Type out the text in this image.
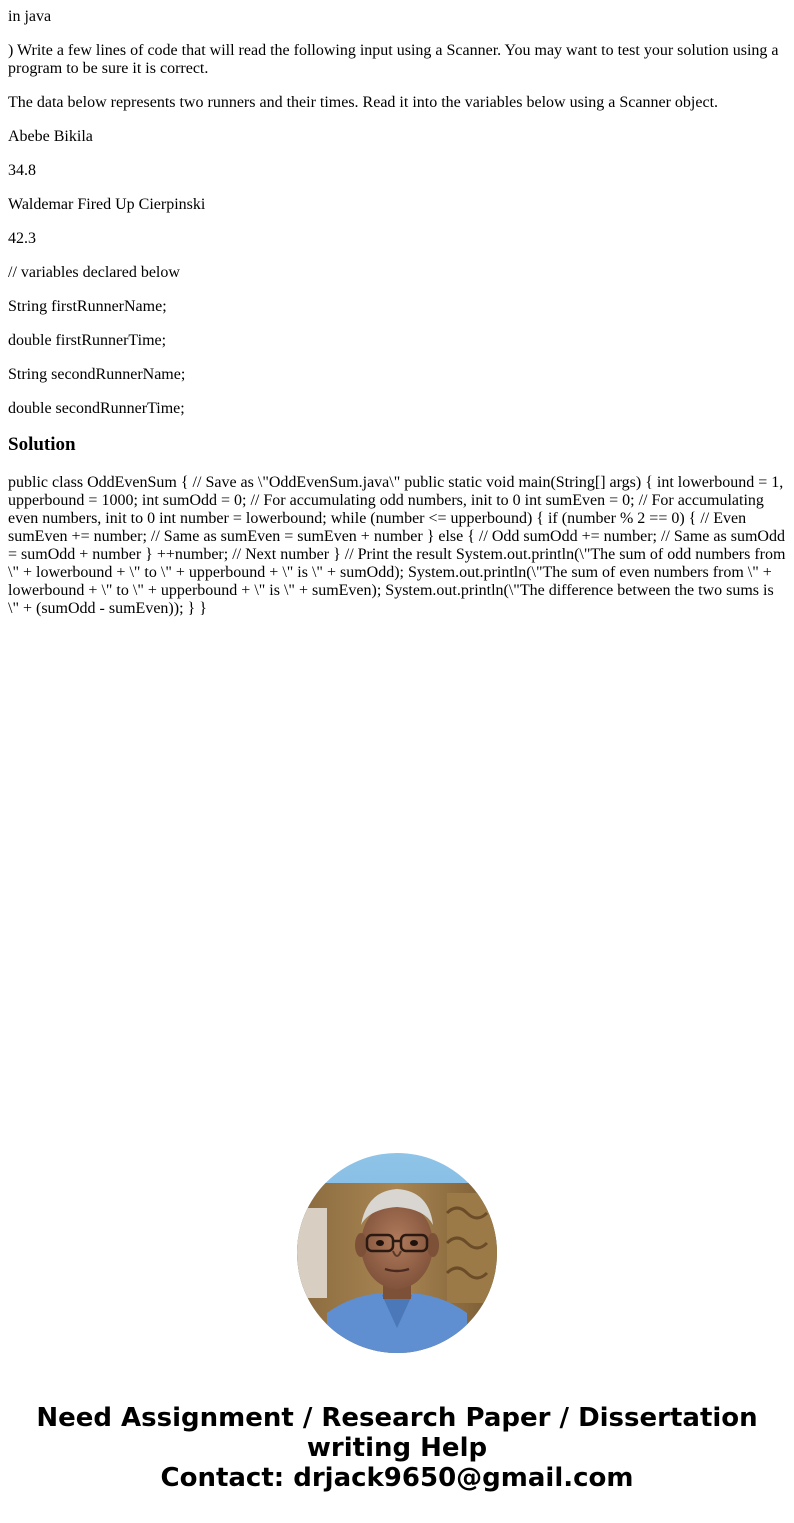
in java

) Write a few lines of code that will read the following input using a Scanner. You may want to test your solution using a program to be sure it is correct.

The data below represents two runners and their times. Read it into the variables below using a Scanner object.

Abebe Bikila

34.8

Waldemar Fired Up Cierpinski

42.3

// variables declared below

String firstRunnerName;

double firstRunnerTime;

String secondRunnerName;

double secondRunnerTime;

Solution

public class OddEvenSum { // Save as \"OddEvenSum.java\" public static void main(String[] args) { int lowerbound = 1, upperbound = 1000; int sumOdd = 0; // For accumulating odd numbers, init to 0 int sumEven = 0; // For accumulating even numbers, init to 0 int number = lowerbound; while (number <= upperbound) { if (number % 2 == 0) { // Even sumEven += number; // Same as sumEven = sumEven + number } else { // Odd sumOdd += number; // Same as sumOdd = sumOdd + number } ++number; // Next number } // Print the result System.out.println(\"The sum of odd numbers from \" + lowerbound + \" to \" + upperbound + \" is \" + sumOdd); System.out.println(\"The sum of even numbers from \" + lowerbound + \" to \" + upperbound + \" is \" + sumEven); System.out.println(\"The difference between the two sums is \" + (sumOdd - sumEven)); } }

Need Assignment / Research Paper / Dissertation
writing Help
Contact: drjack9650@gmail.com
